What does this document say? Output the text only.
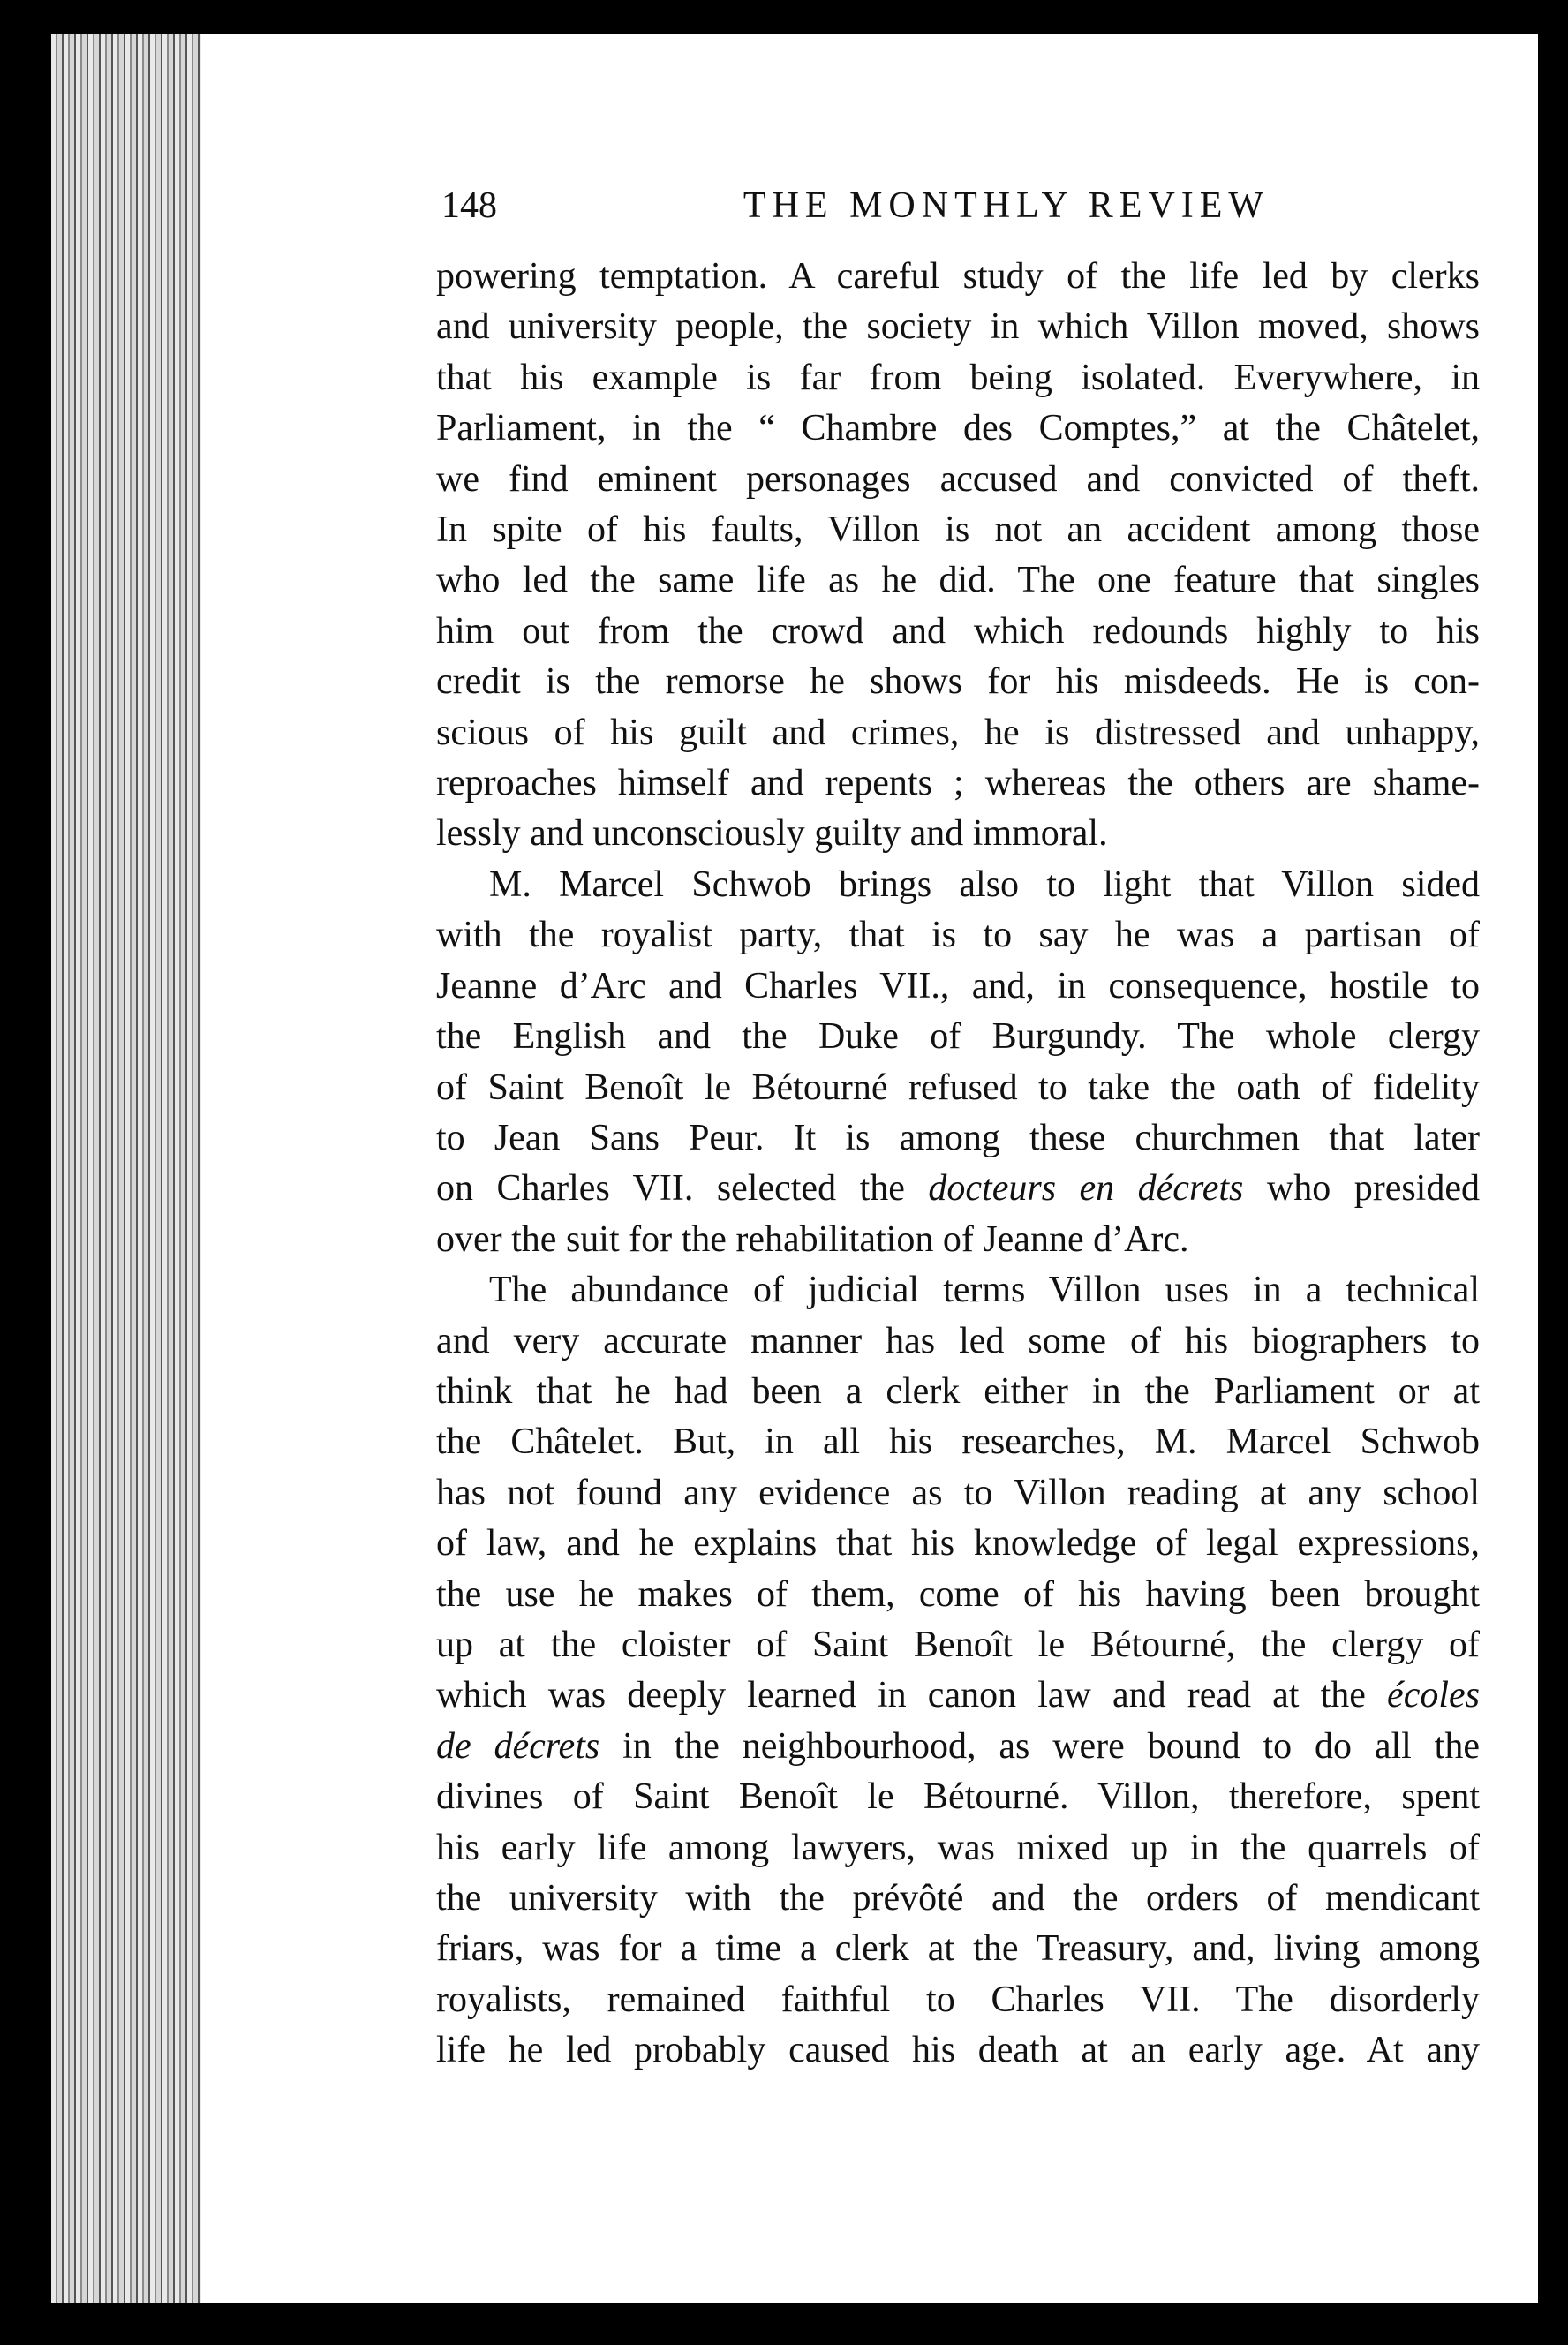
148	THE MONTHLY REVIEW
powering temptation. A careful study of the life led by clerks
and university people, the society in which Villon moved, shows
that his example is far from being isolated. Everywhere, in
Parliament, in the “ Chambre des Comptes,” at the Châtelet,
we find eminent personages accused and convicted of theft.
In spite of his faults, Villon is not an accident among those
who led the same life as he did. The one feature that singles
him out from the crowd and which redounds highly to his
credit is the remorse he shows for his misdeeds. He is con-
scious of his guilt and crimes, he is distressed and unhappy,
reproaches himself and repents ; whereas the others are shame-
lessly and unconsciously guilty and immoral.
M. Marcel Schwob brings also to light that Villon sided
with the royalist party, that is to say he was a partisan of
Jeanne d’Arc and Charles VII., and, in consequence, hostile to
the English and the Duke of Burgundy. The whole clergy
of Saint Benoît le Bétourné refused to take the oath of fidelity
to Jean Sans Peur. It is among these churchmen that later
on Charles VII. selected the docteurs en décrets who presided
over the suit for the rehabilitation of Jeanne d’Arc.
The abundance of judicial terms Villon uses in a technical
and very accurate manner has led some of his biographers to
think that he had been a clerk either in the Parliament or at
the Châtelet. But, in all his researches, M. Marcel Schwob
has not found any evidence as to Villon reading at any school
of law, and he explains that his knowledge of legal expressions,
the use he makes of them, come of his having been brought
up at the cloister of Saint Benoît le Bétourné, the clergy of
which was deeply learned in canon law and read at the écoles
de décrets in the neighbourhood, as were bound to do all the
divines of Saint Benoît le Bétourné. Villon, therefore, spent
his early life among lawyers, was mixed up in the quarrels of
the university with the prévôté and the orders of mendicant
friars, was for a time a clerk at the Treasury, and, living among
royalists, remained faithful to Charles VII. The disorderly
life he led probably caused his death at an early age. At any
